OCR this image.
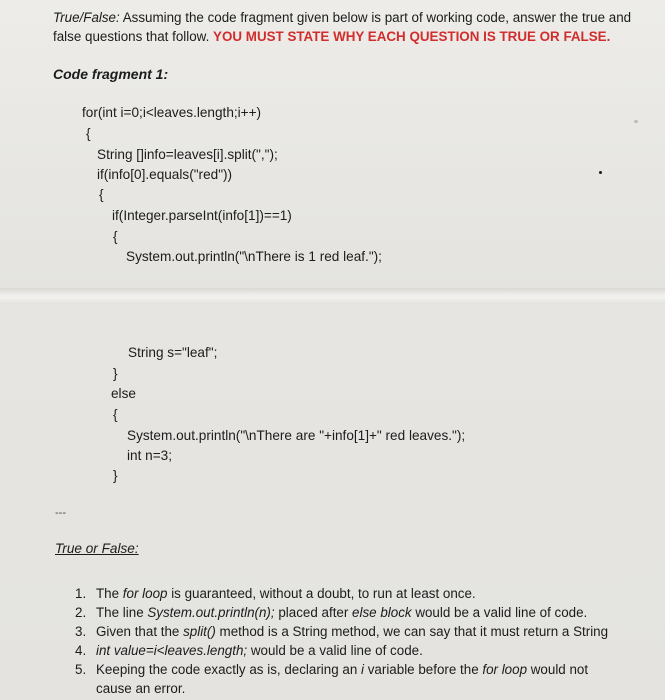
True/False: Assuming the code fragment given below is part of working code, answer the true and false questions that follow. YOU MUST STATE WHY EACH QUESTION IS TRUE OR FALSE.
Code fragment 1:
for(int i=0;i<leaves.length;i++)
{
String []info=leaves[i].split(",");
if(info[0].equals("red"))
{
if(Integer.parseInt(info[1])==1)
{
System.out.println("\nThere is 1 red leaf.");
String s="leaf";
}
else
{
System.out.println("\nThere are "+info[1]+" red leaves.");
int n=3;
}
---
True or False:
1. The for loop is guaranteed, without a doubt, to run at least once.
2. The line System.out.println(n); placed after else block would be a valid line of code.
3. Given that the split() method is a String method, we can say that it must return a String
4. int value=i<leaves.length; would be a valid line of code.
5. Keeping the code exactly as is, declaring an i variable before the for loop would not
cause an error.
